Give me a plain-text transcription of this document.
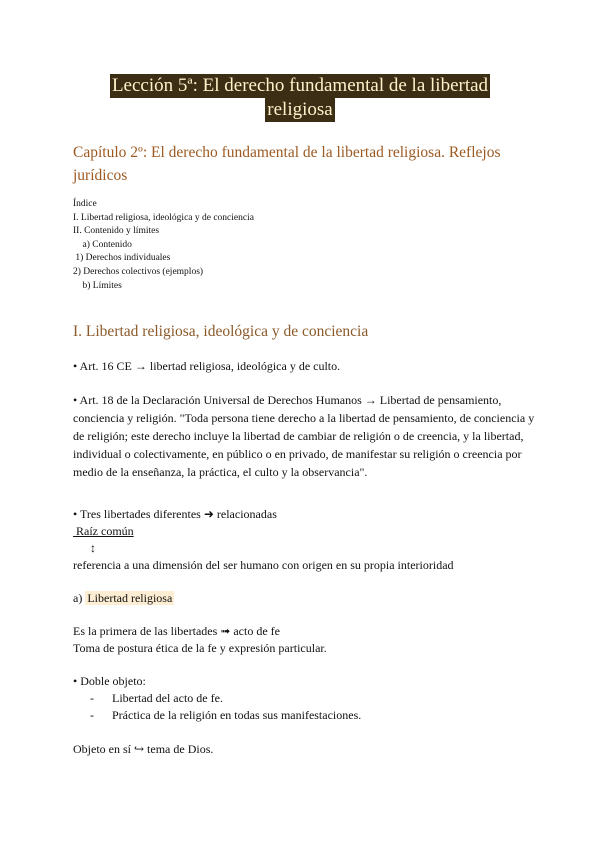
Lección 5ª: El derecho fundamental de la libertad
religiosa
Capítulo 2º: El derecho fundamental de la libertad religiosa. Reflejos jurídicos
Índice
I. Libertad religiosa, ideológica y de conciencia
II. Contenido y límites
a) Contenido
1) Derechos individuales
2) Derechos colectivos (ejemplos)
b) Límites
I. Libertad religiosa, ideológica y de conciencia
• Art. 16 CE → libertad religiosa, ideológica y de culto.
• Art. 18 de la Declaración Universal de Derechos Humanos → Libertad de pensamiento, conciencia y religión. "Toda persona tiene derecho a la libertad de pensamiento, de conciencia y de religión; este derecho incluye la libertad de cambiar de religión o de creencia, y la libertad, individual o colectivamente, en público o en privado, de manifestar su religión o creencia por medio de la enseñanza, la práctica, el culto y la observancia".
• Tres libertades diferentes ➜ relacionadas
Raíz común
↕
referencia a una dimensión del ser humano con origen en su propia interioridad
a) Libertad religiosa
Es la primera de las libertades ➟ acto de fe
Toma de postura ética de la fe y expresión particular.
• Doble objeto:
- Libertad del acto de fe.
- Práctica de la religión en todas sus manifestaciones.
Objeto en sí ↪ tema de Dios.
